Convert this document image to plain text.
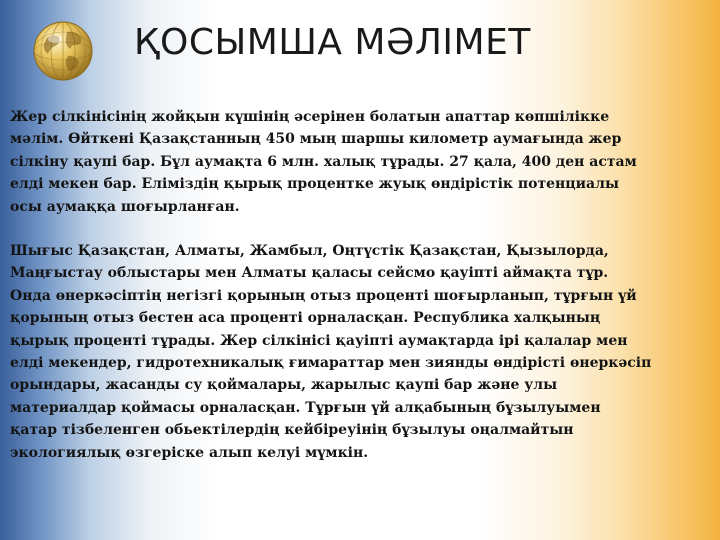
ҚОСЫМША МӘЛІМЕТ

Жер сілкінісінің жойқын күшінің әсерінен болатын апаттар көпшілікке
мәлім. Өйткені Қазақстанның 450 мың шаршы километр аумағында жер
сілкіну қаупі бар. Бұл аумақта 6 млн. халық тұрады. 27 қала, 400 ден астам
елді мекен бар. Еліміздің қырық процентке жуық өндірістік потенциалы
осы аумаққа шоғырланған.

Шығыс Қазақстан, Алматы, Жамбыл, Оңтүстік Қазақстан, Қызылорда,
Маңғыстау облыстары мен Алматы қаласы сейсмо қауіпті аймақта тұр.
Онда өнеркәсіптің негізгі қорының отыз проценті шоғырланып, тұрғын үй
қорының отыз бестен аса проценті орналасқан. Республика халқының
қырық проценті тұрады. Жер сілкінісі қауіпті аумақтарда ірі қалалар мен
елді мекендер, гидротехникалық ғимараттар мен зиянды өндірісті өнеркәсіп
орындары, жасанды су қоймалары, жарылыс қаупі бар және улы
материалдар қоймасы орналасқан. Тұрғын үй алқабының бұзылуымен
қатар тізбеленген обьектілердің кейбіреуінің бұзылуы оңалмайтын
экологиялық өзгеріске алып келуі мүмкін.
